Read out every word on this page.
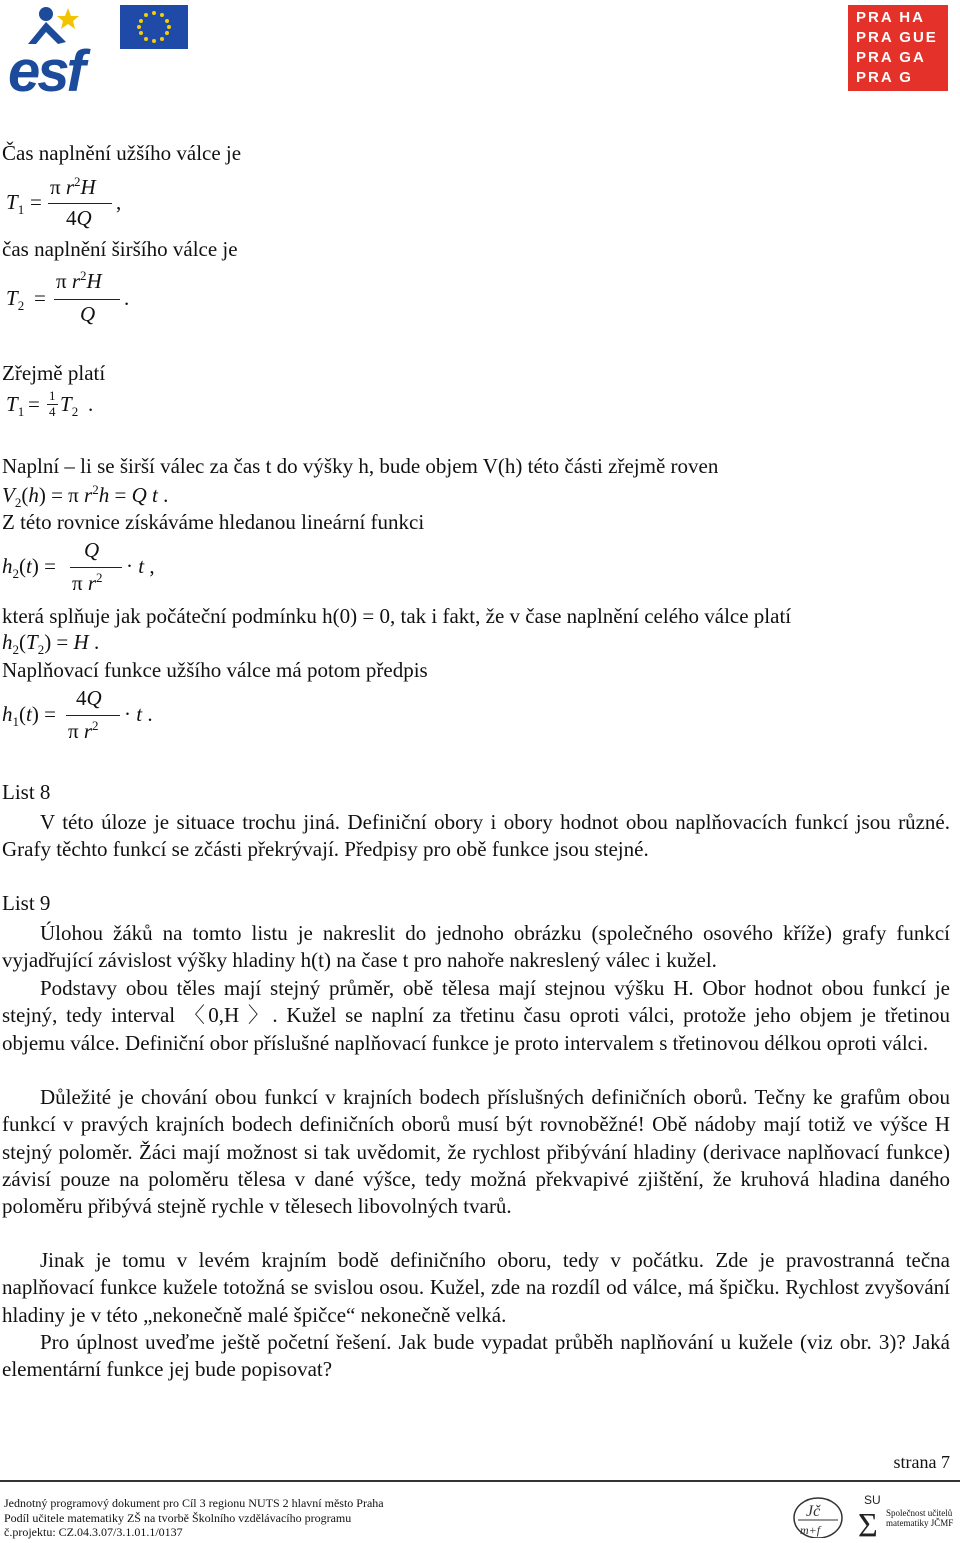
esf
PRA HA
PRA GUE
PRA GA
PRA G
Čas naplnění užšího válce je
$T_1$ =
π $r^2H$
4Q
,
čas naplnění širšího válce je
$T_2$ =
π $r^2H$
Q
.
Zřejmě platí
$T_1 = 1$
4 $T_2$ .
Naplní – li se širší válec za čas t do výšky h, bude objem V(h) této části zřejmě roven
$V_2(h) = \pi$ $r^2h = Q$ t .
Z této rovnice získáváme hledanou lineární funkci
$h_2(t)$ =
Q
π $r^2 \cdot t$ ,
která splňuje jak počáteční podmínku h(0) = 0, tak i fakt, že v čase naplnění celého válce platí
$h_2(T_2) = H$ .
Naplňovací funkce užšího válce má potom předpis
$h_1(t)$ =
4Q
π $r^2 \cdot t$ .
List 8
V této úloze je situace trochu jiná. Definiční obory i obory hodnot obou naplňovacích funkcí jsou různé. Grafy těchto funkcí se zčásti překrývají. Předpisy pro obě funkce jsou stejné.
List 9
Úlohou žáků na tomto listu je nakreslit do jednoho obrázku (společného osového kříže) grafy funkcí vyjadřující závislost výšky hladiny h(t) na čase t pro nahoře nakreslený válec i kužel.
Podstavy obou těles mají stejný průměr, obě tělesa mají stejnou výšku H. Obor hodnot obou funkcí je stejný, tedy interval 〈0,H 〉. Kužel se naplní za třetinu času oproti válci, protože jeho objem je třetinou objemu válce. Definiční obor příslušné naplňovací funkce je proto intervalem s třetinovou délkou oproti válci.
Důležité je chování obou funkcí v krajních bodech příslušných definičních oborů. Tečny ke grafům obou funkcí v pravých krajních bodech definičních oborů musí být rovnoběžné! Obě nádoby mají totiž ve výšce H stejný poloměr. Žáci mají možnost si tak uvědomit, že rychlost přibývání hladiny (derivace naplňovací funkce) závisí pouze na poloměru tělesa v dané výšce, tedy možná překvapivé zjištění, že kruhová hladina daného poloměru přibývá stejně rychle v tělesech libovolných tvarů.
Jinak je tomu v levém krajním bodě definičního oboru, tedy v počátku. Zde je pravostranná tečna naplňovací funkce kužele totožná se svislou osou. Kužel, zde na rozdíl od válce, má špičku. Rychlost zvyšování hladiny je v této „nekonečně malé špičce“ nekonečně velká.
Pro úplnost uveďme ještě početní řešení. Jak bude vypadat průběh naplňování u kužele (viz obr. 3)? Jaká elementární funkce jej bude popisovat?
strana 7
Jednotný programový dokument pro Cíl 3 regionu NUTS 2 hlavní město Praha
Podíl učitele matematiky ZŠ na tvorbě Školního vzdělávacího programu
č.projektu: CZ.04.3.07/3.1.01.1/0137
Jč
m+f
SU
Σ Společnost učitelů matematiky JČMF
